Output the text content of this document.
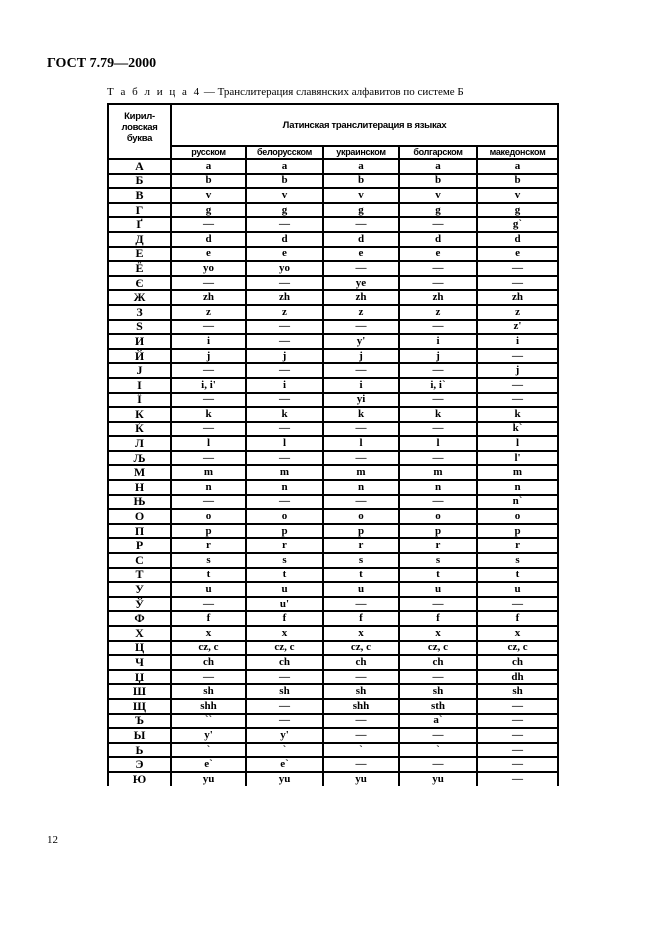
ГОСТ 7.79—2000
Т а б л и ц а 4 — Транслитерация славянских алфавитов по системе Б
Кирил-ловская буква	Латинская транслитерация в языках				
	русском	белорусском	украинском	болгарском	македонском
А	a	a	a	a	a
Б	b	b	b	b	b
В	v	v	v	v	v
Г	g	g	g	g	g
Ґ	—	—	—	—	g`
Д	d	d	d	d	d
Е	e	e	e	e	e
Ё	yo	yo	—	—	—
Є	—	—	ye	—	—
Ж	zh	zh	zh	zh	zh
З	z	z	z	z	z
Ѕ	—	—	—	—	z'
И	i	—	y'	i	i
Й	j	j	j	j	—
Ј	—	—	—	—	j
І	i, i'	i	i	i, i`	—
Ї	—	—	yi	—	—
К	k	k	k	k	k
Ќ	—	—	—	—	k`
Л	l	l	l	l	l
Љ	—	—	—	—	l'
М	m	m	m	m	m
Н	n	n	n	n	n
Њ	—	—	—	—	n`
О	o	o	o	o	o
П	p	p	p	p	p
Р	r	r	r	r	r
С	s	s	s	s	s
Т	t	t	t	t	t
У	u	u	u	u	u
Ў	—	u'	—	—	—
Ф	f	f	f	f	f
Х	x	x	x	x	x
Ц	cz, c	cz, c	cz, c	cz, c	cz, c
Ч	ch	ch	ch	ch	ch
Џ	—	—	—	—	dh
Ш	sh	sh	sh	sh	sh
Щ	shh	—	shh	sth	—
Ъ	``	—	—	a`	—
Ы	y'	y'	—	—	—
Ь	`	`	`	`	—
Э	e`	e`	—	—	—
Ю	yu	yu	yu	yu	—
12
